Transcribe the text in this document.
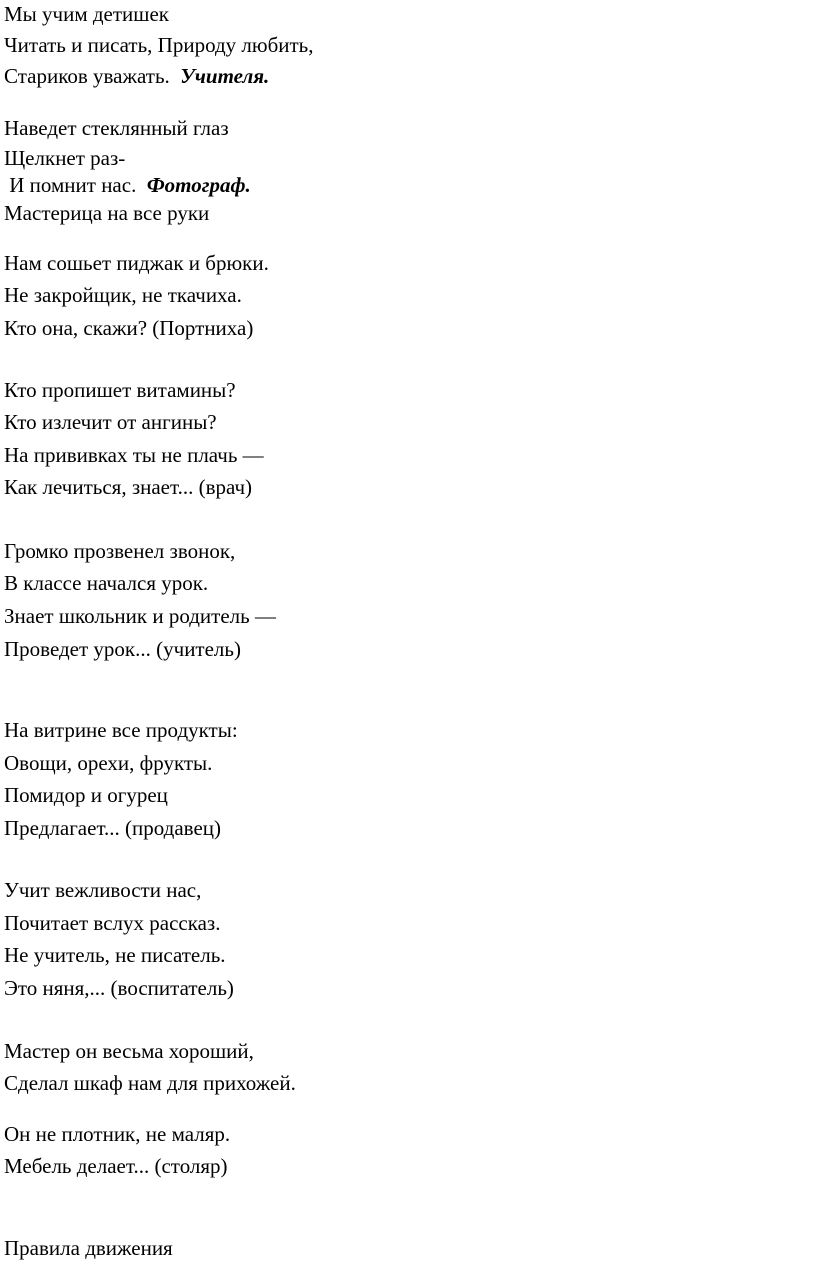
Мы учим детишек

Читать и писать, Природу любить,

Стариков уважать.  Учителя.

Наведет стеклянный глаз

Щелкнет раз-

И помнит нас.  Фотограф.

Мастерица на все руки

Нам сошьет пиджак и брюки.

Не закройщик, не ткачиха.

Кто она, скажи? (Портниха)

Кто пропишет витамины?

Кто излечит от ангины?

На прививках ты не плачь —

Как лечиться, знает... (врач)

Громко прозвенел звонок,

В классе начался урок.

Знает школьник и родитель —

Проведет урок... (учитель)

На витрине все продукты:

Овощи, орехи, фрукты.

Помидор и огурец

Предлагает... (продавец)

Учит вежливости нас,

Почитает вслух рассказ.

Не учитель, не писатель.

Это няня,... (воспитатель)

Мастер он весьма хороший,

Сделал шкаф нам для прихожей.

Он не плотник, не маляр.

Мебель делает... (столяр)

Правила движения
